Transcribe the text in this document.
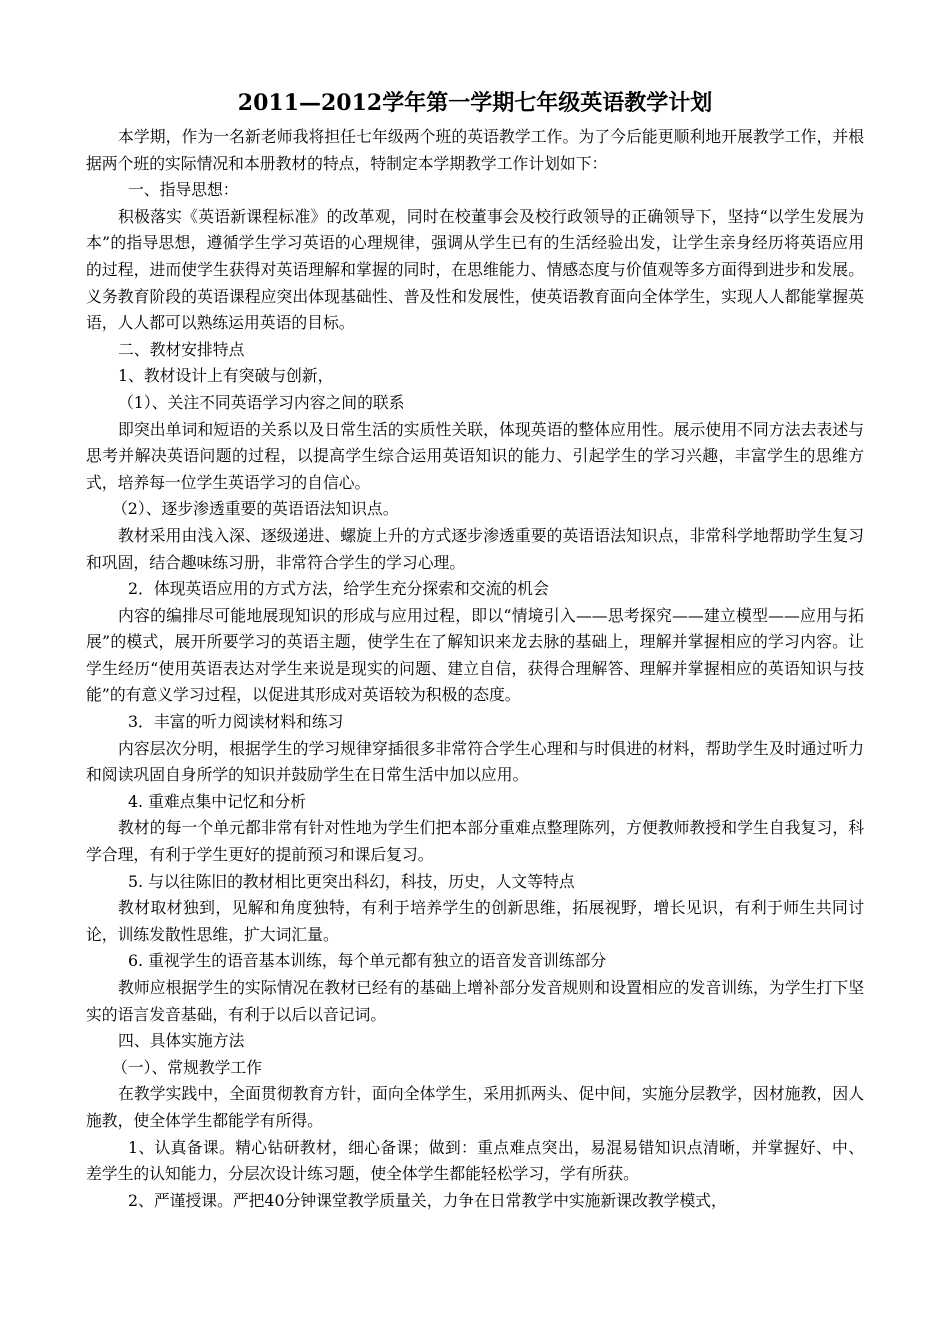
2011—2012学年第一学期七年级英语教学计划

本学期，作为一名新老师我将担任七年级两个班的英语教学工作。为了今后能更顺利地开展教学工作，并根据两个班的实际情况和本册教材的特点，特制定本学期教学工作计划如下：

一、指导思想：

积极落实《英语新课程标准》的改革观，同时在校董事会及校行政领导的正确领导下，坚持“以学生发展为本”的指导思想，遵循学生学习英语的心理规律，强调从学生已有的生活经验出发，让学生亲身经历将英语应用的过程，进而使学生获得对英语理解和掌握的同时，在思维能力、情感态度与价值观等多方面得到进步和发展。义务教育阶段的英语课程应突出体现基础性、普及性和发展性，使英语教育面向全体学生，实现人人都能掌握英语，人人都可以熟练运用英语的目标。

二、教材安排特点

1、教材设计上有突破与创新，

（1）、关注不同英语学习内容之间的联系

即突出单词和短语的关系以及日常生活的实质性关联，体现英语的整体应用性。展示使用不同方法去表述与思考并解决英语问题的过程，以提高学生综合运用英语知识的能力、引起学生的学习兴趣，丰富学生的思维方式，培养每一位学生英语学习的自信心。

（2）、逐步渗透重要的英语语法知识点。

教材采用由浅入深、逐级递进、螺旋上升的方式逐步渗透重要的英语语法知识点，非常科学地帮助学生复习和巩固，结合趣味练习册，非常符合学生的学习心理。

2．体现英语应用的方式方法，给学生充分探索和交流的机会

内容的编排尽可能地展现知识的形成与应用过程，即以“情境引入——思考探究——建立模型——应用与拓展”的模式，展开所要学习的英语主题，使学生在了解知识来龙去脉的基础上，理解并掌握相应的学习内容。让学生经历“使用英语表达对学生来说是现实的问题、建立自信，获得合理解答、理解并掌握相应的英语知识与技能”的有意义学习过程，以促进其形成对英语较为积极的态度。

3．丰富的听力阅读材料和练习

内容层次分明，根据学生的学习规律穿插很多非常符合学生心理和与时俱进的材料，帮助学生及时通过听力和阅读巩固自身所学的知识并鼓励学生在日常生活中加以应用。

4. 重难点集中记忆和分析

教材的每一个单元都非常有针对性地为学生们把本部分重难点整理陈列，方便教师教授和学生自我复习，科学合理，有利于学生更好的提前预习和课后复习。

5. 与以往陈旧的教材相比更突出科幻，科技，历史，人文等特点

教材取材独到，见解和角度独特，有利于培养学生的创新思维，拓展视野，增长见识，有利于师生共同讨论，训练发散性思维，扩大词汇量。

6. 重视学生的语音基本训练，每个单元都有独立的语音发音训练部分

教师应根据学生的实际情况在教材已经有的基础上增补部分发音规则和设置相应的发音训练，为学生打下坚实的语言发音基础，有利于以后以音记词。

四、具体实施方法

（一）、常规教学工作

在教学实践中，全面贯彻教育方针，面向全体学生，采用抓两头、促中间，实施分层教学，因材施教，因人施教，使全体学生都能学有所得。

1、认真备课。精心钻研教材，细心备课；做到：重点难点突出，易混易错知识点清晰，并掌握好、中、差学生的认知能力，分层次设计练习题，使全体学生都能轻松学习，学有所获。

2、严谨授课。严把40分钟课堂教学质量关，力争在日常教学中实施新课改教学模式，
